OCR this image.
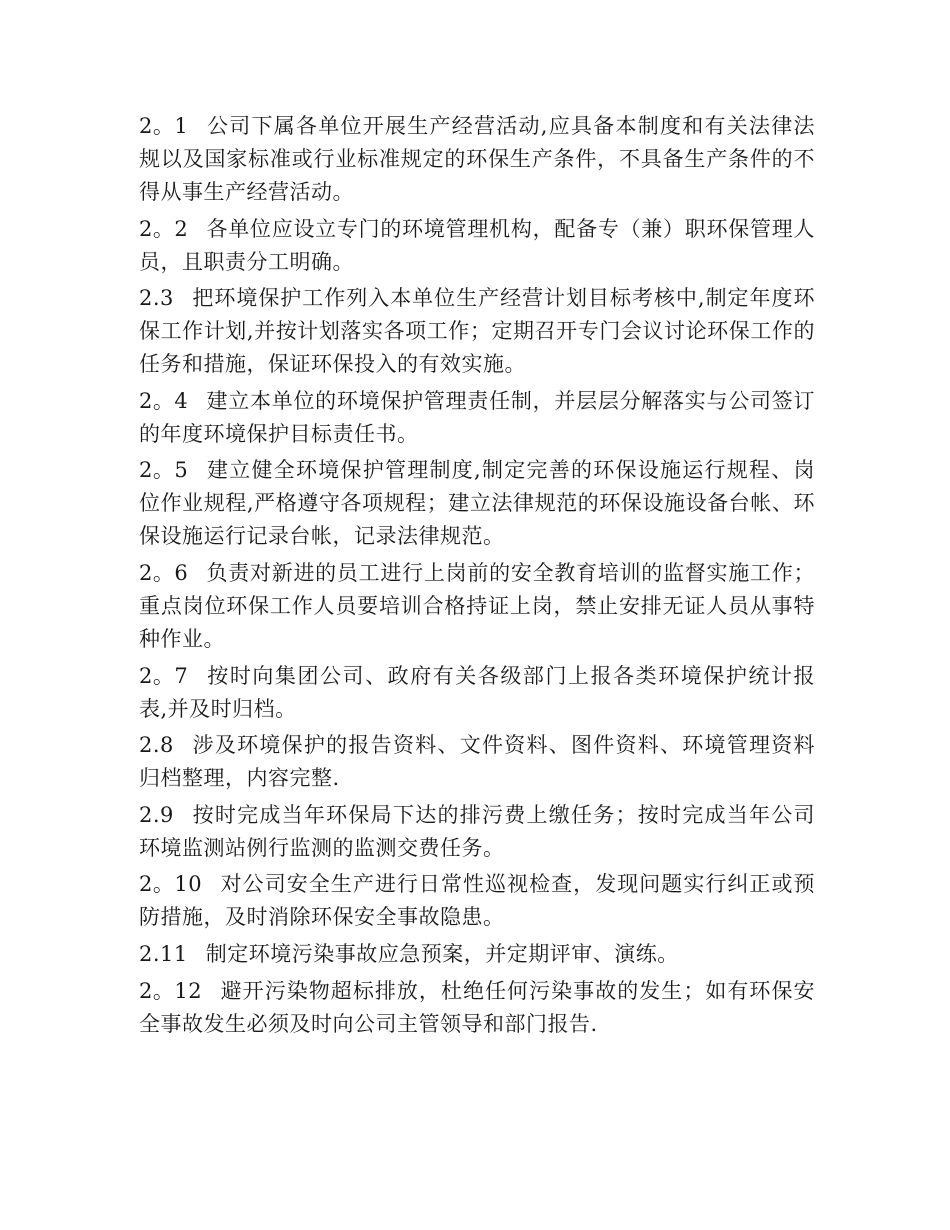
2。1 公司下属各单位开展生产经营活动,应具备本制度和有关法律法规以及国家标准或行业标准规定的环保生产条件，不具备生产条件的不得从事生产经营活动。

2。2 各单位应设立专门的环境管理机构，配备专（兼）职环保管理人员，且职责分工明确。

2.3 把环境保护工作列入本单位生产经营计划目标考核中,制定年度环保工作计划,并按计划落实各项工作；定期召开专门会议讨论环保工作的任务和措施，保证环保投入的有效实施。

2。4 建立本单位的环境保护管理责任制，并层层分解落实与公司签订的年度环境保护目标责任书。

2。5 建立健全环境保护管理制度,制定完善的环保设施运行规程、岗位作业规程,严格遵守各项规程；建立法律规范的环保设施设备台帐、环保设施运行记录台帐，记录法律规范。

2。6 负责对新进的员工进行上岗前的安全教育培训的监督实施工作；重点岗位环保工作人员要培训合格持证上岗，禁止安排无证人员从事特种作业。

2。7 按时向集团公司、政府有关各级部门上报各类环境保护统计报表,并及时归档。

2.8 涉及环境保护的报告资料、文件资料、图件资料、环境管理资料归档整理，内容完整.

2.9 按时完成当年环保局下达的排污费上缴任务；按时完成当年公司环境监测站例行监测的监测交费任务。

2。10 对公司安全生产进行日常性巡视检查，发现问题实行纠正或预防措施，及时消除环保安全事故隐患。

2.11 制定环境污染事故应急预案，并定期评审、演练。

2。12 避开污染物超标排放，杜绝任何污染事故的发生；如有环保安全事故发生必须及时向公司主管领导和部门报告.
